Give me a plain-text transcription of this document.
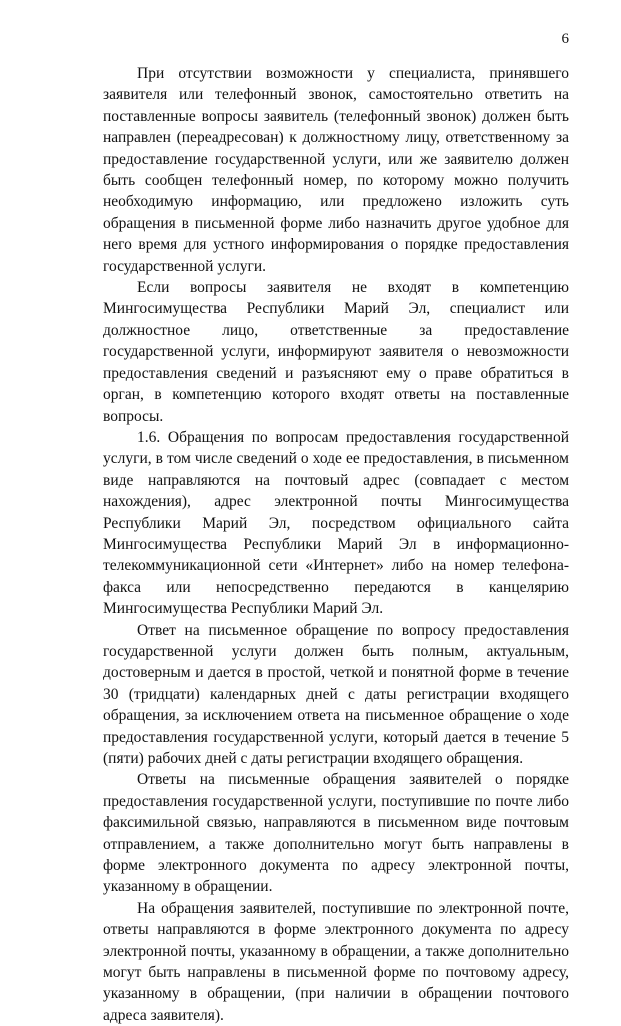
6

При отсутствии возможности у специалиста, принявшего заявителя или телефонный звонок, самостоятельно ответить на поставленные вопросы заявитель (телефонный звонок) должен быть направлен (переадресован) к должностному лицу, ответственному за предоставление государственной услуги, или же заявителю должен быть сообщен телефонный номер, по которому можно получить необходимую информацию, или предложено изложить суть обращения в письменной форме либо назначить другое удобное для него время для устного информирования о порядке предоставления государственной услуги.

Если вопросы заявителя не входят в компетенцию Мингосимущества Республики Марий Эл, специалист или должностное лицо, ответственные за предоставление государственной услуги, информируют заявителя о невозможности предоставления сведений и разъясняют ему о праве обратиться в орган, в компетенцию которого входят ответы на поставленные вопросы.

1.6. Обращения по вопросам предоставления государственной услуги, в том числе сведений о ходе ее предоставления, в письменном виде направляются на почтовый адрес (совпадает с местом нахождения), адрес электронной почты Мингосимущества Республики Марий Эл, посредством официального сайта Мингосимущества Республики Марий Эл в информационно-телекоммуникационной сети «Интернет» либо на номер телефона-факса или непосредственно передаются в канцелярию Мингосимущества Республики Марий Эл.

Ответ на письменное обращение по вопросу предоставления государственной услуги должен быть полным, актуальным, достоверным и дается в простой, четкой и понятной форме в течение 30 (тридцати) календарных дней с даты регистрации входящего обращения, за исключением ответа на письменное обращение о ходе предоставления государственной услуги, который дается в течение 5 (пяти) рабочих дней с даты регистрации входящего обращения.

Ответы на письменные обращения заявителей о порядке предоставления государственной услуги, поступившие по почте либо факсимильной связью, направляются в письменном виде почтовым отправлением, а также дополнительно могут быть направлены в форме электронного документа по адресу электронной почты, указанному в обращении.

На обращения заявителей, поступившие по электронной почте, ответы направляются в форме электронного документа по адресу электронной почты, указанному в обращении, а также дополнительно могут быть направлены в письменной форме по почтовому адресу, указанному в обращении, (при наличии в обращении почтового адреса заявителя).
